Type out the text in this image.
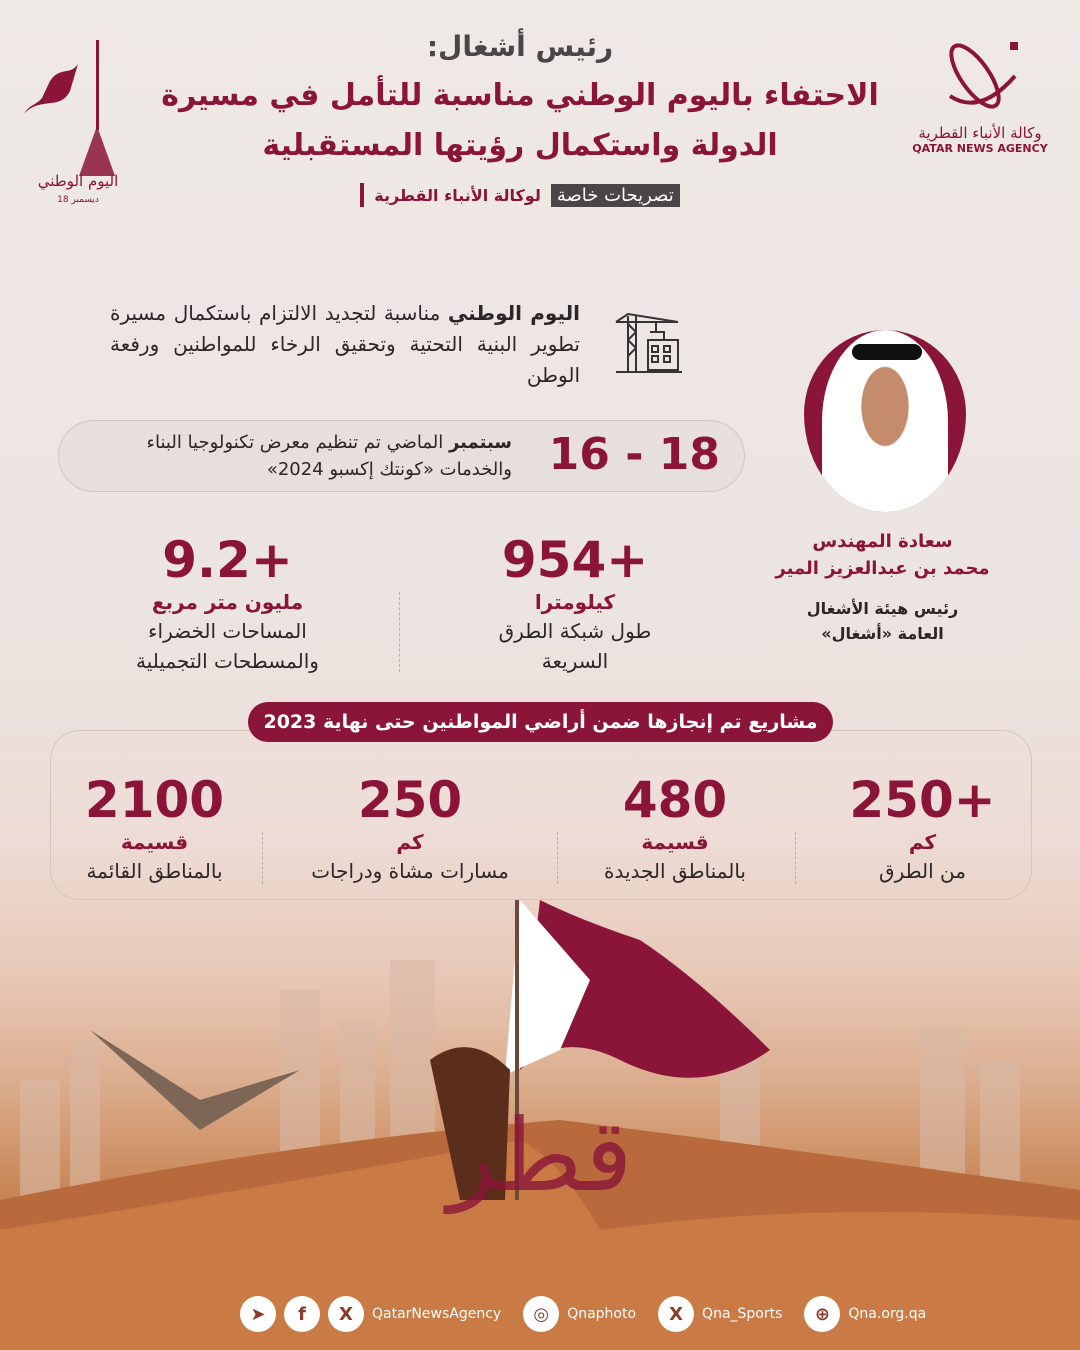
اليوم الوطني
18 ديسمبر
رئيس أشغال:
الاحتفاء باليوم الوطني مناسبة للتأمل في مسيرة الدولة واستكمال رؤيتها المستقبلية
تصريحات خاصة
لوكالة الأنباء القطرية
وكالة الأنباء القطرية
QATAR NEWS AGENCY
اليوم الوطني مناسبة لتجديد الالتزام باستكمال مسيرة تطوير البنية التحتية وتحقيق الرخاء للمواطنين ورفعة الوطن
16 - 18
سبتمبر الماضي تم تنظيم معرض تكنولوجيا البناء والخدمات «كونتك إكسبو 2024»
سعادة المهندس
محمد بن عبدالعزيز المير
رئيس هيئة الأشغال العامة «أشغال»
954+
كيلومترا
طول شبكة الطرق السريعة
9.2+
مليون متر مربع
المساحات الخضراء والمسطحات التجميلية
مشاريع تم إنجازها ضمن أراضي المواطنين حتى نهاية 2023
250+
كم
من الطرق
480
قسيمة
بالمناطق الجديدة
250
كم
مسارات مشاة ودراجات
2100
قسيمة
بالمناطق القائمة
قطر
➤	f	X	QatarNewsAgency	◎	Qnaphoto	X	Qna_Sports	⊕	Qna.org.qa
